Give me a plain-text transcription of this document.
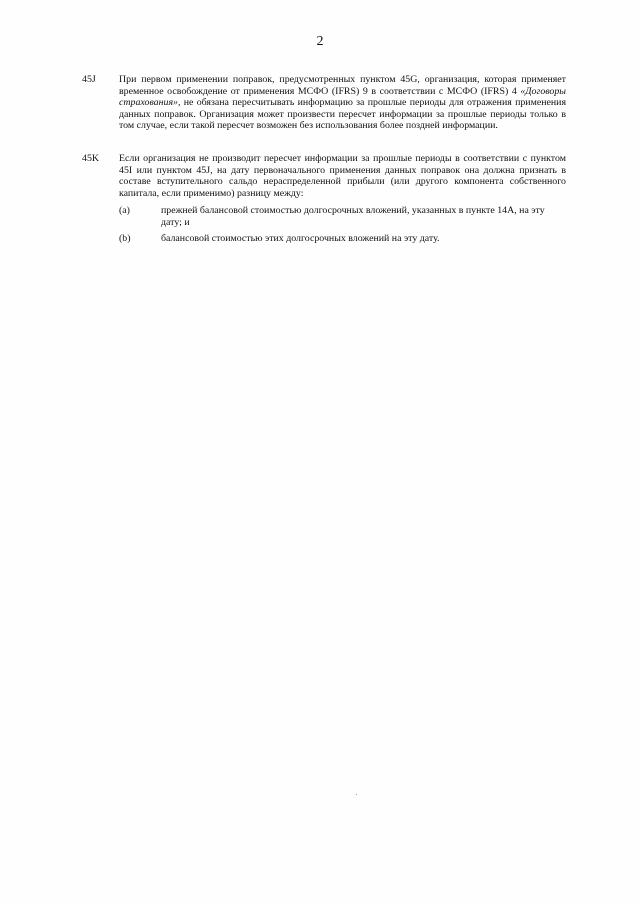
2
45J	При первом применении поправок, предусмотренных пунктом 45G, организация, которая применяет временное освобождение от применения МСФО (IFRS) 9 в соответствии с МСФО (IFRS) 4 «Договоры страхования», не обязана пересчитывать информацию за прошлые периоды для отражения применения данных поправок. Организация может произвести пересчет информации за прошлые периоды только в том случае, если такой пересчет возможен без использования более поздней информации.
45K	Если организация не производит пересчет информации за прошлые периоды в соответствии с пунктом 45I или пунктом 45J, на дату первоначального применения данных поправок она должна признать в составе вступительного сальдо нераспределенной прибыли (или другого компонента собственного капитала, если применимо) разницу между:
(a)	прежней балансовой стоимостью долгосрочных вложений, указанных в пункте 14А, на эту дату; и
(b)	балансовой стоимостью этих долгосрочных вложений на эту дату.
